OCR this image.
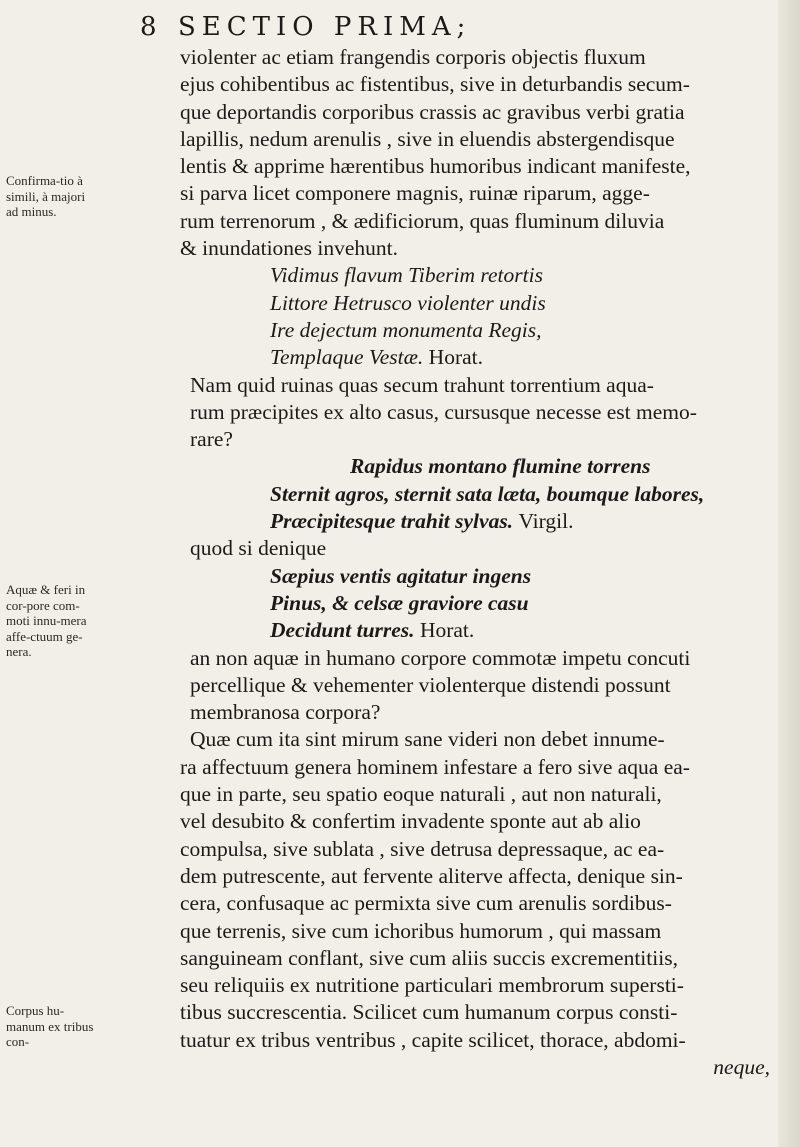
8 SECTIO PRIMA;
Confirma-tio à simili, à majori ad minus.
Aquæ & feri in cor-pore com-moti innu-mera affe-ctuum ge-nera.
Corpus hu-manum ex tribus con-
violenter ac etiam frangendis corporis objectis fluxum
ejus cohibentibus ac fistentibus, sive in deturbandis secum-
que deportandis corporibus crassis ac gravibus verbi gratia
lapillis, nedum arenulis , sive in eluendis abstergendisque
lentis & apprime hærentibus humoribus indicant manifeste,
si parva licet componere magnis, ruinæ riparum, agge-
rum terrenorum , & ædificiorum, quas fluminum diluvia
& inundationes invehunt.
Vidimus flavum Tiberim retortis
Littore Hetrusco violenter undis
Ire dejectum monumenta Regis,
Templaque Vestæ. Horat.
Nam quid ruinas quas secum trahunt torrentium aqua-
rum præcipites ex alto casus, cursusque necesse est memo-
rare?
Rapidus montano flumine torrens
Sternit agros, sternit sata læta, boumque labores,
Præcipitesque trahit sylvas. Virgil.
quod si denique
Sæpius ventis agitatur ingens
Pinus, & celsæ graviore casu
Decidunt turres. Horat.
an non aquæ in humano corpore commotæ impetu concuti
percellique & vehementer violenterque distendi possunt
membranosa corpora?
Quæ cum ita sint mirum sane videri non debet innume-
ra affectuum genera hominem infestare a fero sive aqua ea-
que in parte, seu spatio eoque naturali , aut non naturali,
vel desubito & confertim invadente sponte aut ab alio
compulsa, sive sublata , sive detrusa depressaque, ac ea-
dem putrescente, aut fervente aliterve affecta, denique sin-
cera, confusaque ac permixta sive cum arenulis sordibus-
que terrenis, sive cum ichoribus humorum , qui massam
sanguineam conflant, sive cum aliis succis excrementitiis,
seu reliquiis ex nutritione particulari membrorum supersti-
tibus succrescentia. Scilicet cum humanum corpus consti-
tuatur ex tribus ventribus , capite scilicet, thorace, abdomi-
neque,
